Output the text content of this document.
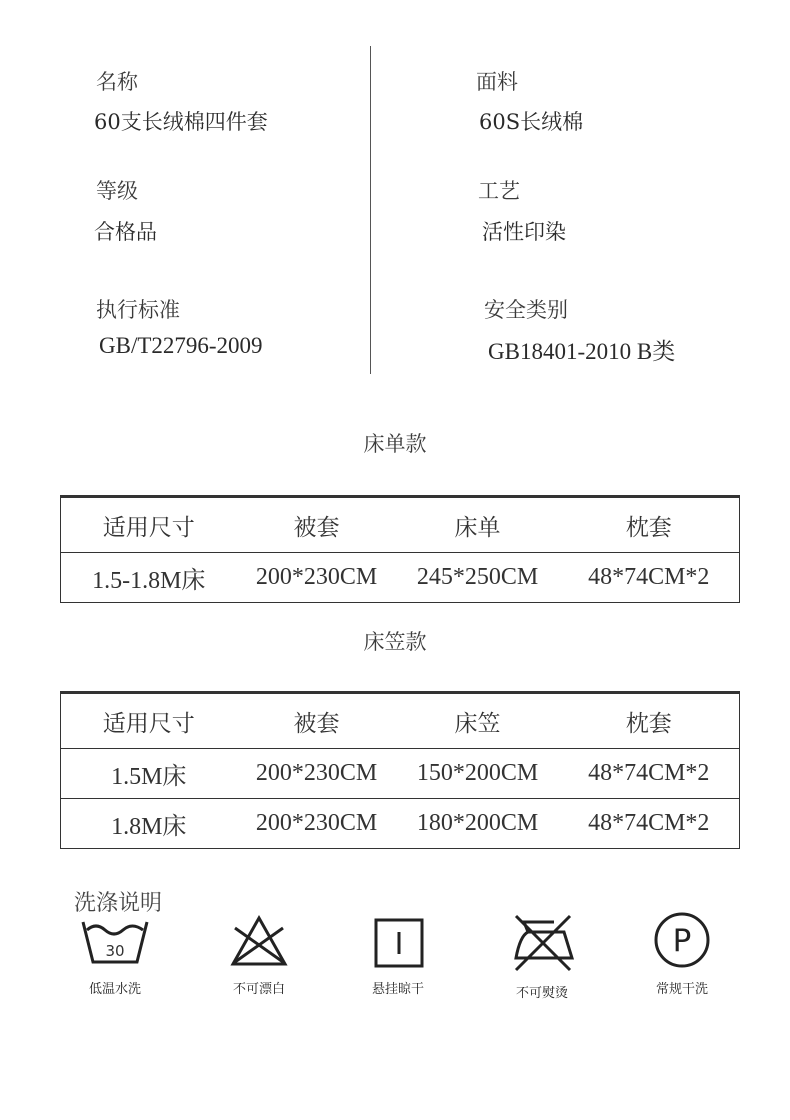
名称
60支长绒棉四件套
面料
60S长绒棉
等级
合格品
工艺
活性印染
执行标准
GB/T22796-2009
安全类别
GB18401-2010 B类
床单款
适用尺寸	被套	床单	枕套
1.5-1.8M床	200*230CM	245*250CM	48*74CM*2
床笠款
适用尺寸	被套	床笠	枕套
1.5M床	200*230CM	150*200CM	48*74CM*2
1.8M床	200*230CM	180*200CM	48*74CM*2
洗涤说明
30
低温水洗	不可漂白	悬挂晾干	不可熨烫
P
常规干洗
